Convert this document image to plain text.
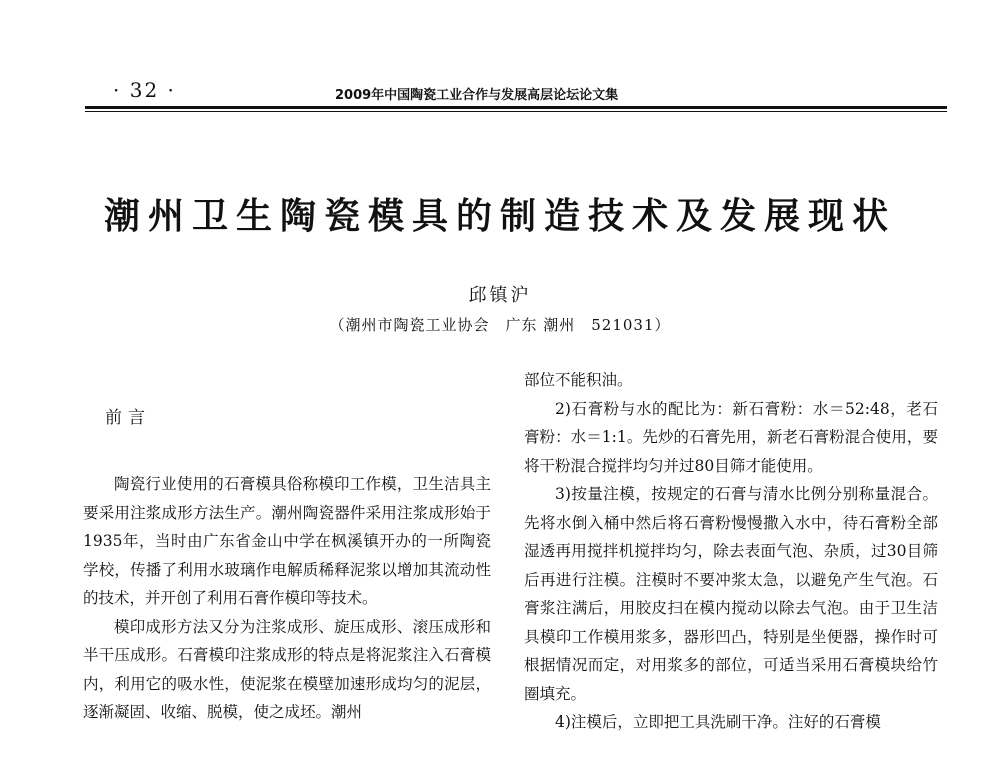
· 32 ·	2009年中国陶瓷工业合作与发展高层论坛论文集
潮州卫生陶瓷模具的制造技术及发展现状
邱镇沪
（潮州市陶瓷工业协会　广东 潮州　521031）
前言

陶瓷行业使用的石膏模具俗称模印工作模，卫生洁具主要采用注浆成形方法生产。潮州陶瓷器件采用注浆成形始于1935年，当时由广东省金山中学在枫溪镇开办的一所陶瓷学校，传播了利用水玻璃作电解质稀释泥浆以增加其流动性的技术，并开创了利用石膏作模印等技术。

模印成形方法又分为注浆成形、旋压成形、滚压成形和半干压成形。石膏模印注浆成形的特点是将泥浆注入石膏模内，利用它的吸水性，使泥浆在模壁加速形成均匀的泥层，逐渐凝固、收缩、脱模，使之成坯。潮州

部位不能积油。

2)石膏粉与水的配比为：新石膏粉：水＝52:48，老石膏粉：水＝1:1。先炒的石膏先用，新老石膏粉混合使用，要将干粉混合搅拌均匀并过80目筛才能使用。

3)按量注模，按规定的石膏与清水比例分别称量混合。先将水倒入桶中然后将石膏粉慢慢撒入水中，待石膏粉全部湿透再用搅拌机搅拌均匀，除去表面气泡、杂质，过30目筛后再进行注模。注模时不要冲浆太急，以避免产生气泡。石膏浆注满后，用胶皮扫在模内搅动以除去气泡。由于卫生洁具模印工作模用浆多，器形凹凸，特别是坐便器，操作时可根据情况而定，对用浆多的部位，可适当采用石膏模块给竹圈填充。

4)注模后，立即把工具洗刷干净。注好的石膏模
